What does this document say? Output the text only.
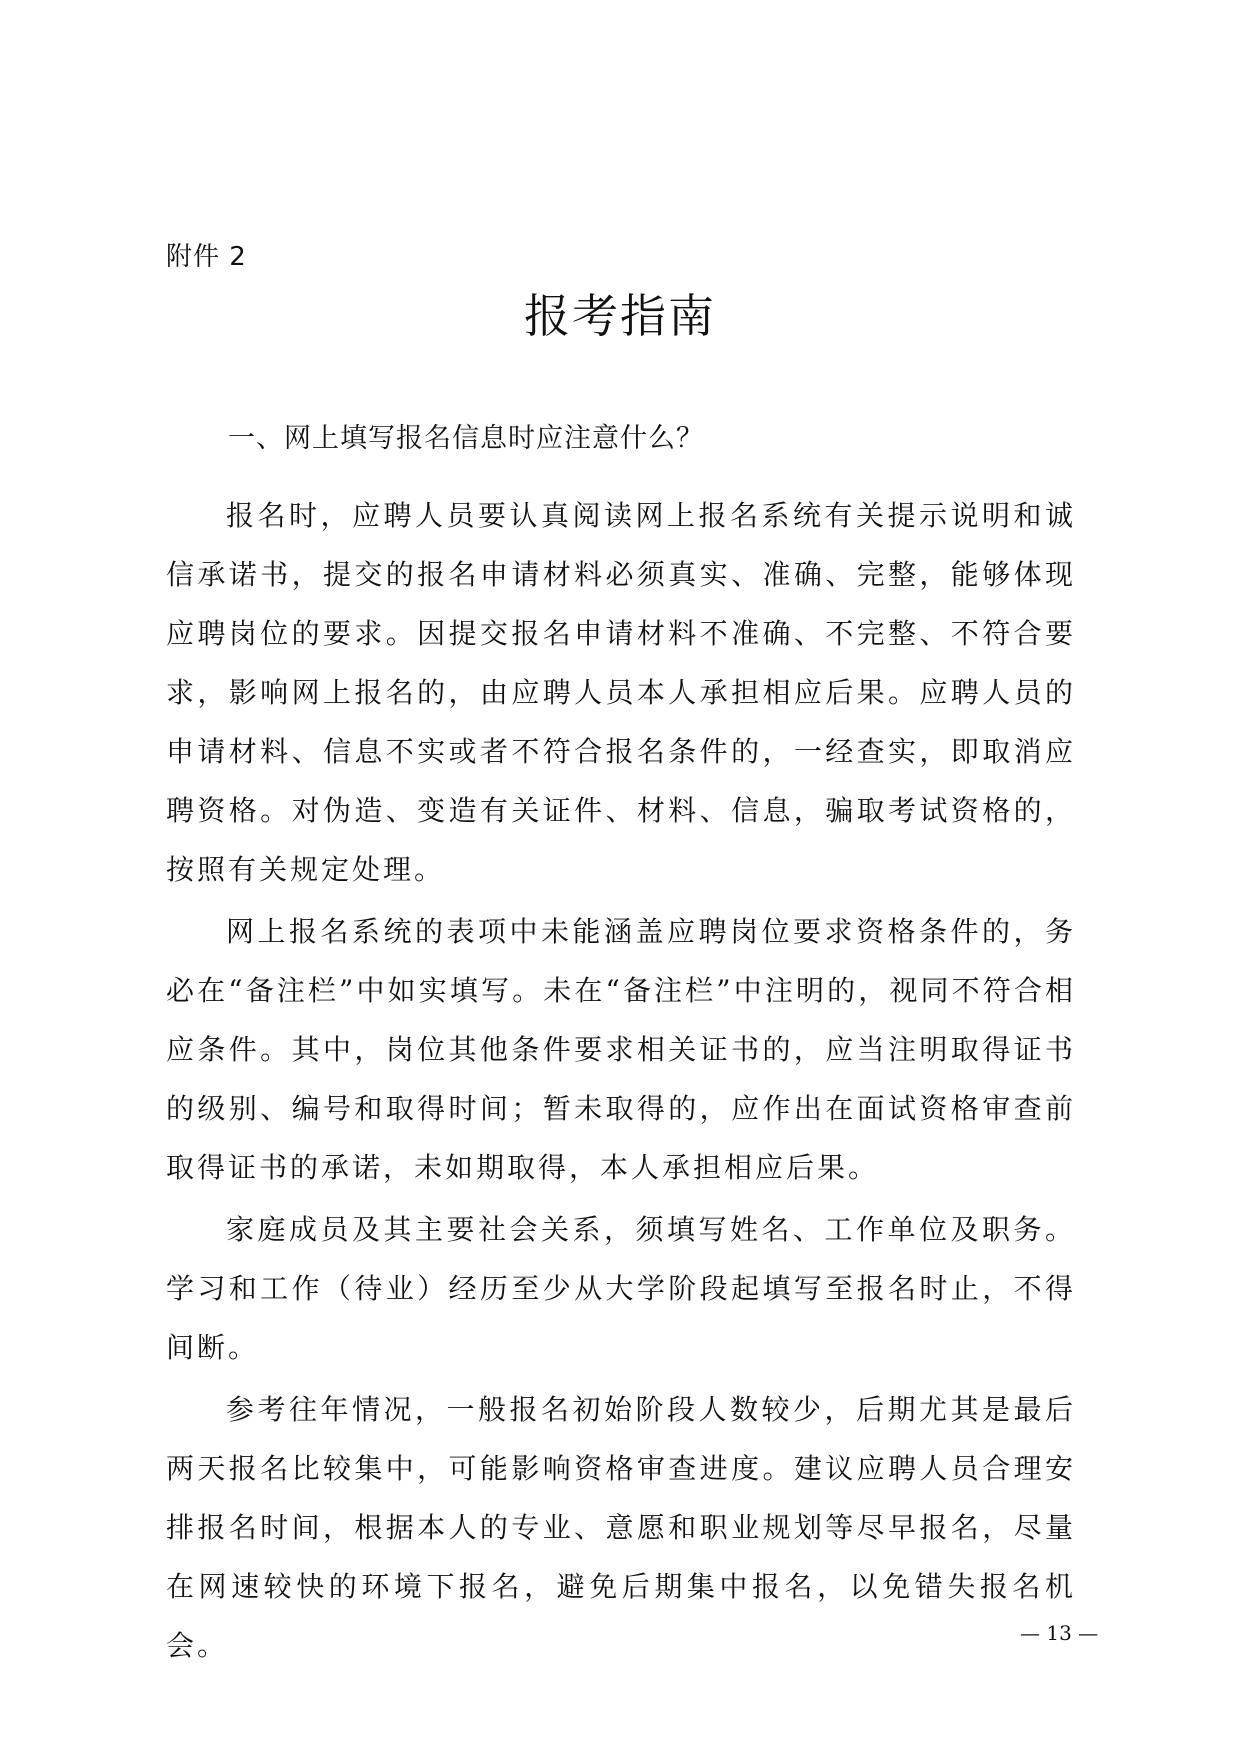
附件 2
报考指南
一、网上填写报名信息时应注意什么？

报名时，应聘人员要认真阅读网上报名系统有关提示说明和诚信承诺书，提交的报名申请材料必须真实、准确、完整，能够体现应聘岗位的要求。因提交报名申请材料不准确、不完整、不符合要求，影响网上报名的，由应聘人员本人承担相应后果。应聘人员的申请材料、信息不实或者不符合报名条件的，一经查实，即取消应聘资格。对伪造、变造有关证件、材料、信息，骗取考试资格的，按照有关规定处理。

网上报名系统的表项中未能涵盖应聘岗位要求资格条件的，务必在“备注栏”中如实填写。未在“备注栏”中注明的，视同不符合相应条件。其中，岗位其他条件要求相关证书的，应当注明取得证书的级别、编号和取得时间；暂未取得的，应作出在面试资格审查前取得证书的承诺，未如期取得，本人承担相应后果。

家庭成员及其主要社会关系，须填写姓名、工作单位及职务。学习和工作（待业）经历至少从大学阶段起填写至报名时止，不得间断。

参考往年情况，一般报名初始阶段人数较少，后期尤其是最后两天报名比较集中，可能影响资格审查进度。建议应聘人员合理安排报名时间，根据本人的专业、意愿和职业规划等尽早报名，尽量在网速较快的环境下报名，避免后期集中报名，以免错失报名机会。	— 13 —
